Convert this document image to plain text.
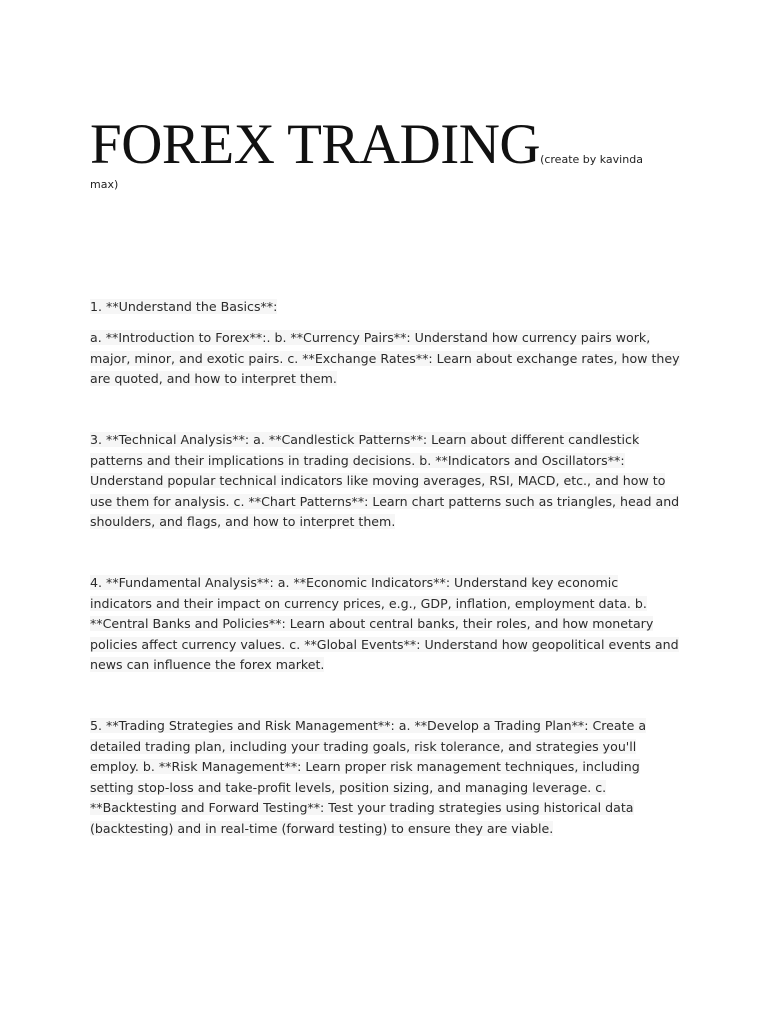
FOREX TRADING(create by kavinda
max)
1. **Understand the Basics**:
a. **Introduction to Forex**:. b. **Currency Pairs**: Understand how currency pairs work, major, minor, and exotic pairs. c. **Exchange Rates**: Learn about exchange rates, how they are quoted, and how to interpret them.
3. **Technical Analysis**: a. **Candlestick Patterns**: Learn about different candlestick patterns and their implications in trading decisions. b. **Indicators and Oscillators**: Understand popular technical indicators like moving averages, RSI, MACD, etc., and how to use them for analysis. c. **Chart Patterns**: Learn chart patterns such as triangles, head and shoulders, and flags, and how to interpret them.
4. **Fundamental Analysis**: a. **Economic Indicators**: Understand key economic indicators and their impact on currency prices, e.g., GDP, inflation, employment data. b. **Central Banks and Policies**: Learn about central banks, their roles, and how monetary policies affect currency values. c. **Global Events**: Understand how geopolitical events and news can influence the forex market.
5. **Trading Strategies and Risk Management**: a. **Develop a Trading Plan**: Create a detailed trading plan, including your trading goals, risk tolerance, and strategies you'll employ. b. **Risk Management**: Learn proper risk management techniques, including setting stop-loss and take-profit levels, position sizing, and managing leverage. c. **Backtesting and Forward Testing**: Test your trading strategies using historical data (backtesting) and in real-time (forward testing) to ensure they are viable.
